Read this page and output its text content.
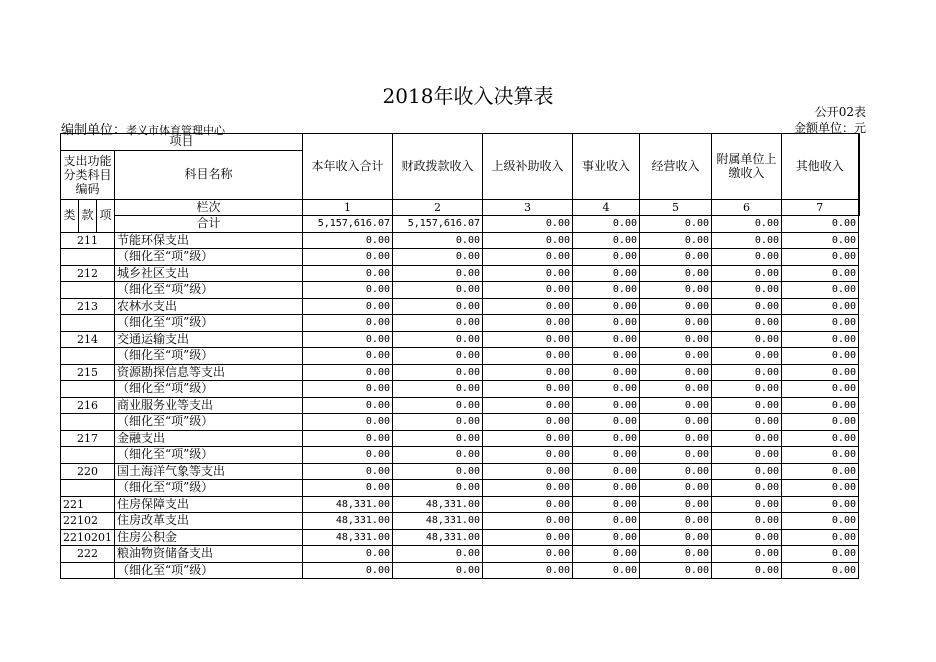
2018年收入决算表
公开02表
编制单位：孝义市体育管理中心	金额单位：元
项目				本年收入合计	财政拨款收入	上级补助收入	事业收入	经营收入	附属单位上缴收入	其他收入
支出功能分类科目编码			科目名称							

类	款	项	栏次	1	2	3	4	5	6	7
			合计	5,157,616.07	5,157,616.07	0.00	0.00	0.00	0.00	0.00
211			节能环保支出	0.00	0.00	0.00	0.00	0.00	0.00	0.00
			（细化至“项”级）	0.00	0.00	0.00	0.00	0.00	0.00	0.00
212			城乡社区支出	0.00	0.00	0.00	0.00	0.00	0.00	0.00
			（细化至“项”级）	0.00	0.00	0.00	0.00	0.00	0.00	0.00
213			农林水支出	0.00	0.00	0.00	0.00	0.00	0.00	0.00
			（细化至“项”级）	0.00	0.00	0.00	0.00	0.00	0.00	0.00
214			交通运输支出	0.00	0.00	0.00	0.00	0.00	0.00	0.00
			（细化至“项”级）	0.00	0.00	0.00	0.00	0.00	0.00	0.00
215			资源勘探信息等支出	0.00	0.00	0.00	0.00	0.00	0.00	0.00
			（细化至“项”级）	0.00	0.00	0.00	0.00	0.00	0.00	0.00
216			商业服务业等支出	0.00	0.00	0.00	0.00	0.00	0.00	0.00
			（细化至“项”级）	0.00	0.00	0.00	0.00	0.00	0.00	0.00
217			金融支出	0.00	0.00	0.00	0.00	0.00	0.00	0.00
			（细化至“项”级）	0.00	0.00	0.00	0.00	0.00	0.00	0.00
220			国土海洋气象等支出	0.00	0.00	0.00	0.00	0.00	0.00	0.00
			（细化至“项”级）	0.00	0.00	0.00	0.00	0.00	0.00	0.00
221			住房保障支出	48,331.00	48,331.00	0.00	0.00	0.00	0.00	0.00
22102			住房改革支出	48,331.00	48,331.00	0.00	0.00	0.00	0.00	0.00
2210201			住房公积金	48,331.00	48,331.00	0.00	0.00	0.00	0.00	0.00
222			粮油物资储备支出	0.00	0.00	0.00	0.00	0.00	0.00	0.00
			（细化至“项”级）	0.00	0.00	0.00	0.00	0.00	0.00	0.00
